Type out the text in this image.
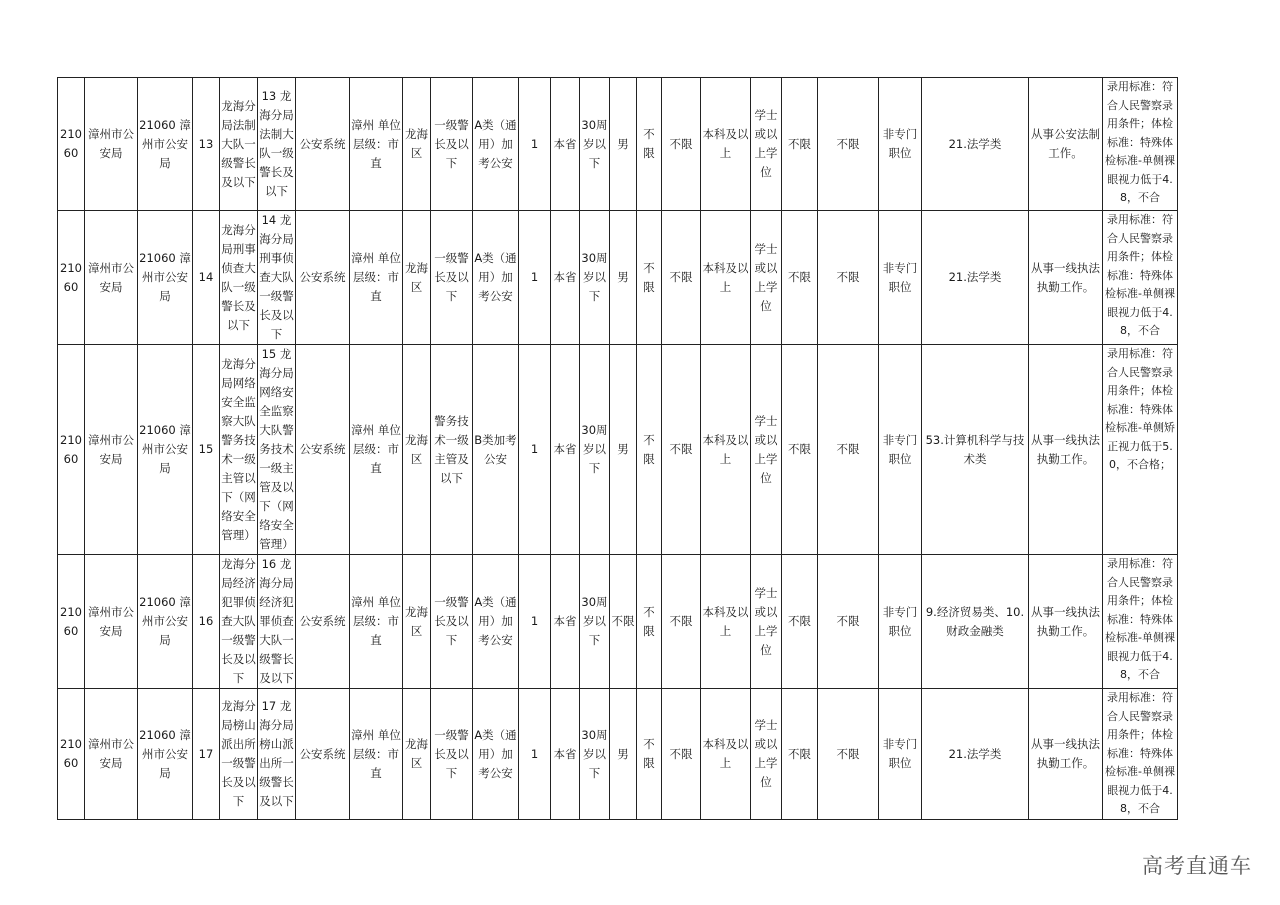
21060	漳州市公安局	21060 漳州市公安局	13	龙海分局法制大队一级警长及以下	13 龙海分局法制大队一级警长及以下	公安系统	漳州 单位层级：市直	龙海区	一级警长及以下	A类（通用）加考公安	1	本省	30周岁以下	男	不限	不限	本科及以上	学士或以上学位	不限	不限	非专门职位	21.法学类	从事公安法制工作。	录用标准：符合人民警察录用条件；体检标准：特殊体检标准-单侧裸眼视力低于4.8，不合
21060	漳州市公安局	21060 漳州市公安局	14	龙海分局刑事侦查大队一级警长及以下	14 龙海分局刑事侦查大队一级警长及以下	公安系统	漳州 单位层级：市直	龙海区	一级警长及以下	A类（通用）加考公安	1	本省	30周岁以下	男	不限	不限	本科及以上	学士或以上学位	不限	不限	非专门职位	21.法学类	从事一线执法执勤工作。	录用标准：符合人民警察录用条件；体检标准：特殊体检标准-单侧裸眼视力低于4.8，不合
21060	漳州市公安局	21060 漳州市公安局	15	龙海分局网络安全监察大队警务技术一级主管以下（网络安全管理）	15 龙海分局网络安全监察大队警务技术一级主管及以下（网络安全管理）	公安系统	漳州 单位层级：市直	龙海区	警务技术一级主管及以下	B类加考公安	1	本省	30周岁以下	男	不限	不限	本科及以上	学士或以上学位	不限	不限	非专门职位	53.计算机科学与技术类	从事一线执法执勤工作。	录用标准：符合人民警察录用条件；体检标准：特殊体检标准-单侧矫正视力低于5.0，不合格；
21060	漳州市公安局	21060 漳州市公安局	16	龙海分局经济犯罪侦查大队一级警长及以下	16 龙海分局经济犯罪侦查大队一级警长及以下	公安系统	漳州 单位层级：市直	龙海区	一级警长及以下	A类（通用）加考公安	1	本省	30周岁以下	不限	不限	不限	本科及以上	学士或以上学位	不限	不限	非专门职位	9.经济贸易类、10.财政金融类	从事一线执法执勤工作。	录用标准：符合人民警察录用条件；体检标准：特殊体检标准-单侧裸眼视力低于4.8，不合
21060	漳州市公安局	21060 漳州市公安局	17	龙海分局榜山派出所一级警长及以下	17 龙海分局榜山派出所一级警长及以下	公安系统	漳州 单位层级：市直	龙海区	一级警长及以下	A类（通用）加考公安	1	本省	30周岁以下	男	不限	不限	本科及以上	学士或以上学位	不限	不限	非专门职位	21.法学类	从事一线执法执勤工作。	录用标准：符合人民警察录用条件；体检标准：特殊体检标准-单侧裸眼视力低于4.8，不合
高考直通车
